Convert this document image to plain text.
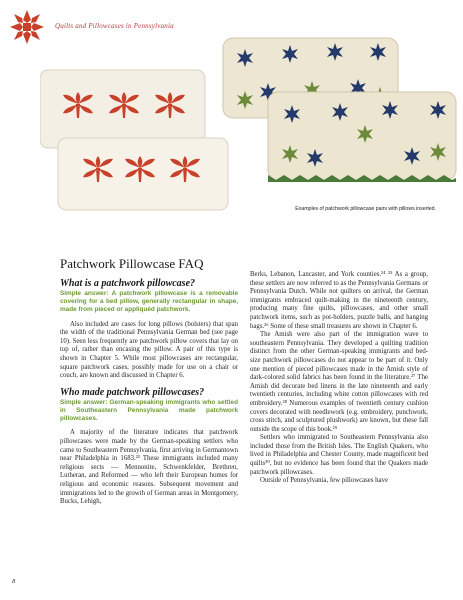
Quilts and Pillowcases in Pennsylvania
Examples of patchwork pillowcase pairs with pillows inserted.
Patchwork Pillowcase FAQ
What is a patchwork pillowcase?
Simple answer: A patchwork pillowcase is a removable covering for a bed pillow, generally rectangular in shape, made from pieced or appliquéd patchwork.

Also included are cases for long pillows (bolsters) that span the width of the traditional Pennsylvania German bed (see page 10). Seen less frequently are patchwork pillow covers that lay on top of, rather than encasing the pillow. A pair of this type is shown in Chapter 5. While most pillowcases are rectangular, square patchwork cases, possibly made for use on a chair or couch, are known and discussed in Chapter 6.

Who made patchwork pillowcases?
Simple answer: German-speaking immigrants who settled in Southeastern Pennsylvania made patchwork pillowcases.

A majority of the literature indicates that patchwork pillowcases were made by the German-speaking settlers who came to Southeastern Pennsylvania, first arriving in Germantown near Philadelphia in 1683.²³ These immigrants included many religious sects — Mennonite, Schwenkfelder, Brethren, Lutheran, and Reformed — who left their European homes for religious and economic reasons. Subsequent movement and immigrations led to the growth of German areas in Montgomery, Bucks, Lehigh,

Berks, Lebanon, Lancaster, and York counties.²⁴ ²⁵ As a group, these settlers are now referred to as the Pennsylvania Germans or Pennsylvania Dutch. While not quilters on arrival, the German immigrants embraced quilt-making in the nineteenth century, producing many fine quilts, pillowcases, and other small patchwork items, such as pot-holders, puzzle balls, and hanging bags.²⁶ Some of these small treasures are shown in Chapter 6.

The Amish were also part of the immigration wave to southeastern Pennsylvania. They developed a quilting tradition distinct from the other German-speaking immigrants and bed-size patchwork pillowcases do not appear to be part of it. Only one mention of pieced pillowcases made in the Amish style of dark-colored solid fabrics has been found in the literature.²⁷ The Amish did decorate bed linens in the late nineteenth and early twentieth centuries, including white cotton pillowcases with red embroidery.²⁸ Numerous examples of twentieth century cushion covers decorated with needlework (e.g. embroidery, punchwork, cross stitch, and sculptured plushwork) are known, but these fall outside the scope of this book.²⁹

Settlers who immigrated to Southeastern Pennsylvania also included those from the British Isles. The English Quakers, who lived in Philadelphia and Chester County, made magnificent bed quilts³⁰, but no evidence has been found that the Quakers made patchwork pillowcases.

Outside of Pennsylvania, few pillowcases have

8
